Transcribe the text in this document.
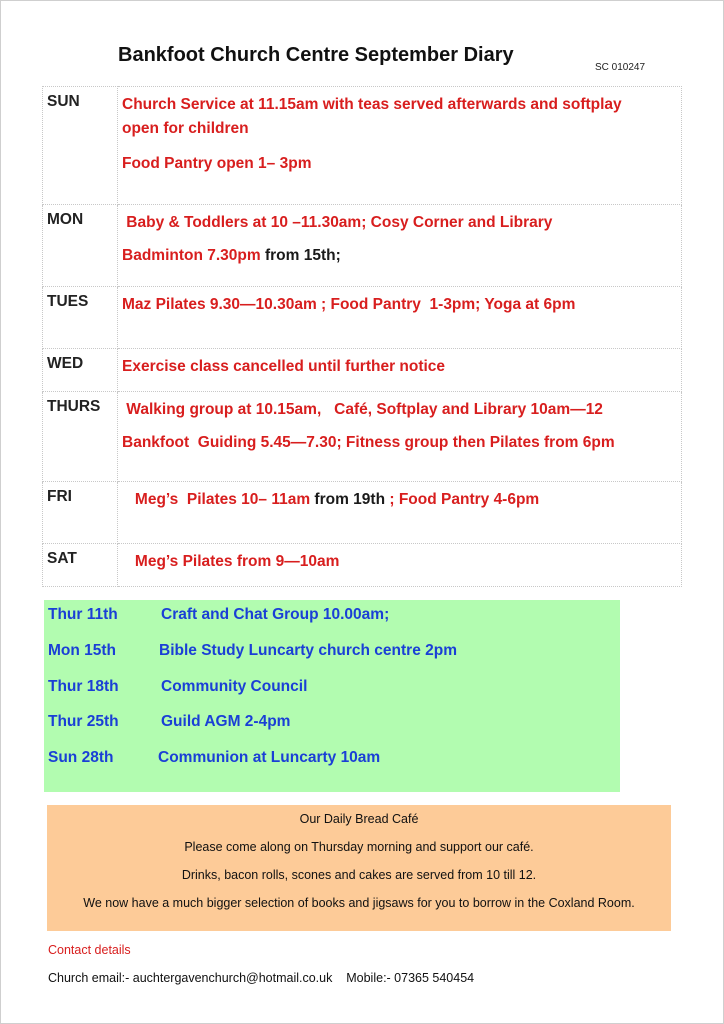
Bankfoot Church Centre September Diary
SC 010247
SUN	Church Service at 11.15am with teas served afterwards and softplay
open for children
Food Pantry open 1– 3pm

MON	Baby & Toddlers at 10 –11.30am; Cosy Corner and Library
Badminton 7.30pm from 15th;

TUES	Maz Pilates 9.30—10.30am ; Food Pantry  1-3pm; Yoga at 6pm

WED	Exercise class cancelled until further notice

THURS	Walking group at 10.15am,   Café, Softplay and Library 10am—12
Bankfoot  Guiding 5.45—7.30; Fitness group then Pilates from 6pm

FRI	Meg’s  Pilates 10– 11am from 19th ; Food Pantry 4-6pm

SAT	Meg’s Pilates from 9—10am
Thur 11th	Craft and Chat Group 10.00am;
Mon 15th	Bible Study Luncarty church centre 2pm
Thur 18th	Community Council
Thur 25th	Guild AGM 2-4pm
Sun 28th	Communion at Luncarty 10am
Our Daily Bread Café
Please come along on Thursday morning and support our café.
Drinks, bacon rolls, scones and cakes are served from 10 till 12.
We now have a much bigger selection of books and jigsaws for you to borrow in the Coxland Room.
Contact details
Church email:- auchtergavenchurch@hotmail.co.uk    Mobile:- 07365 540454
